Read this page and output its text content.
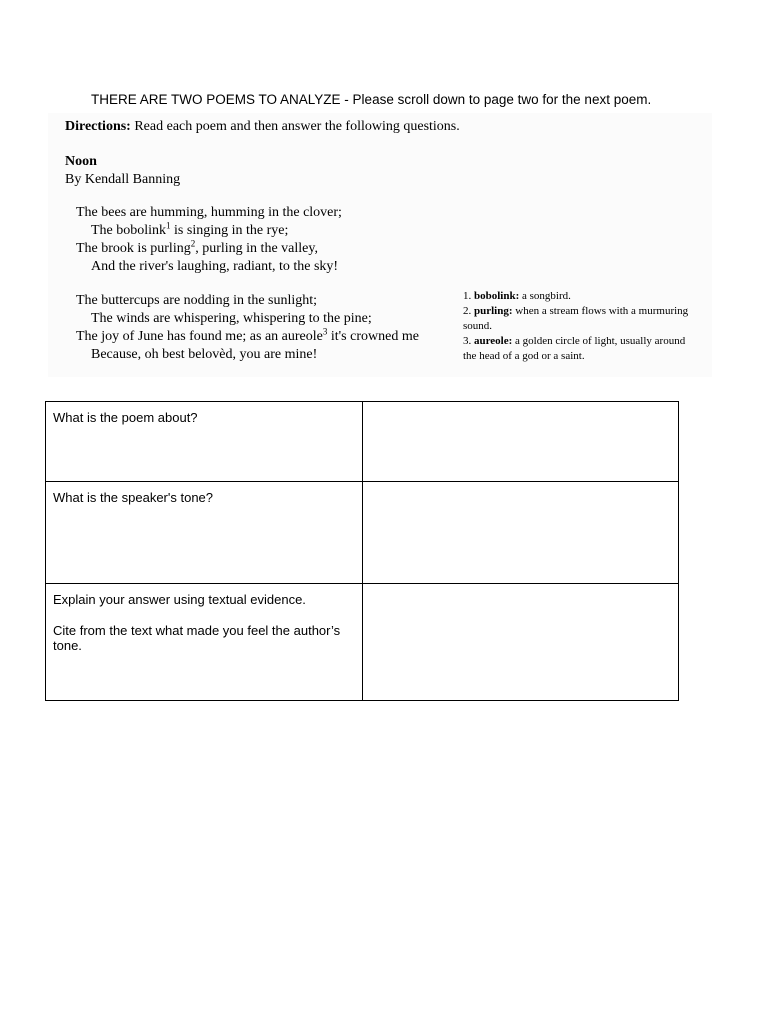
THERE ARE TWO POEMS TO ANALYZE - Please scroll down to page two for the next poem.
Directions: Read each poem and then answer the following questions.
Noon
By Kendall Banning
The bees are humming, humming in the clover;
The bobolink$^1$ is singing in the rye;
The brook is purling$^2$, purling in the valley,
And the river's laughing, radiant, to the sky!
The buttercups are nodding in the sunlight;
The winds are whispering, whispering to the pine;
The joy of June has found me; as an aureole$^3$ it's crowned me
Because, oh best belovèd, you are mine!
1. bobolink: a songbird.
2. purling: when a stream flows with a murmuring sound.
3. aureole: a golden circle of light, usually around the head of a god or a saint.

What is the poem about?	

What is the speaker's tone?	

Explain your answer using textual evidence.

Cite from the text what made you feel the author’s tone.	
